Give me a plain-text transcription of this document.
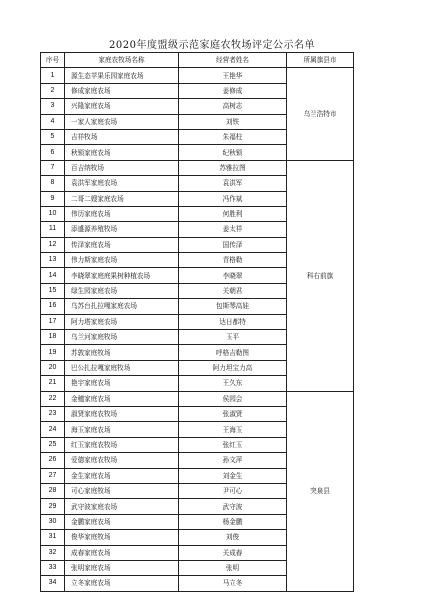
2020年度盟级示范家庭农牧场评定公示名单
序号	家庭农牧场名称	经营者姓名	所属旗县市
1	源生态苹果乐园家庭农场	王艳华	乌兰浩特市
2	修成家庭农场	姜修成	
3	兴隆家庭农场	高树志	
4	一家人家庭农场	刘铁	
5	吉祥牧场	朱福柱	
6	秋锁家庭农场	纪秋锁	
7	百吉纳牧场	苏雅拉图	科右前旗
8	袁洪军家庭农场	袁洪军	
9	二哥二嫂家庭农场	冯作斌	
10	伟历家庭农场	何胜利	
11	添盛源养殖牧场	姜太祥	
12	传泽家庭农场	国传泽	
13	伟力斯家庭农场	青格勒	
14	李晓翠家庭庭果树种植农场	李晓翠	
15	绿生园家庭农场	关朝君	
16	乌苏台扎拉嘎家庭农场	包斯琴高娃	
17	阿力塔家庭农场	达日都特	
18	乌兰河家庭牧场	玉平	
19	苏敦家庭牧场	呼格吉勒图	
20	巴公扎拉嘎家庭牧场	阿力坦宝力高	
21	艳宇家庭农场	王久东	
22	金穗家庭农场	侯园会	突泉县
23	淑贤家庭农牧场	张淑贤	
24	海玉家庭农场	王海玉	
25	红玉家庭农牧场	张红玉	
26	爱德家庭农牧场	孙文萍	
27	金生家庭农场	刘金生	
28	可心家庭牧场	尹可心	
29	武守波家庭农场	武守波	
30	金鹏家庭农场	杨金鹏	
31	俊华家庭牧场	刘俊	
32	成春家庭农场	关成春	
33	张明家庭农场	张明	
34	立冬家庭农场	马立冬	
